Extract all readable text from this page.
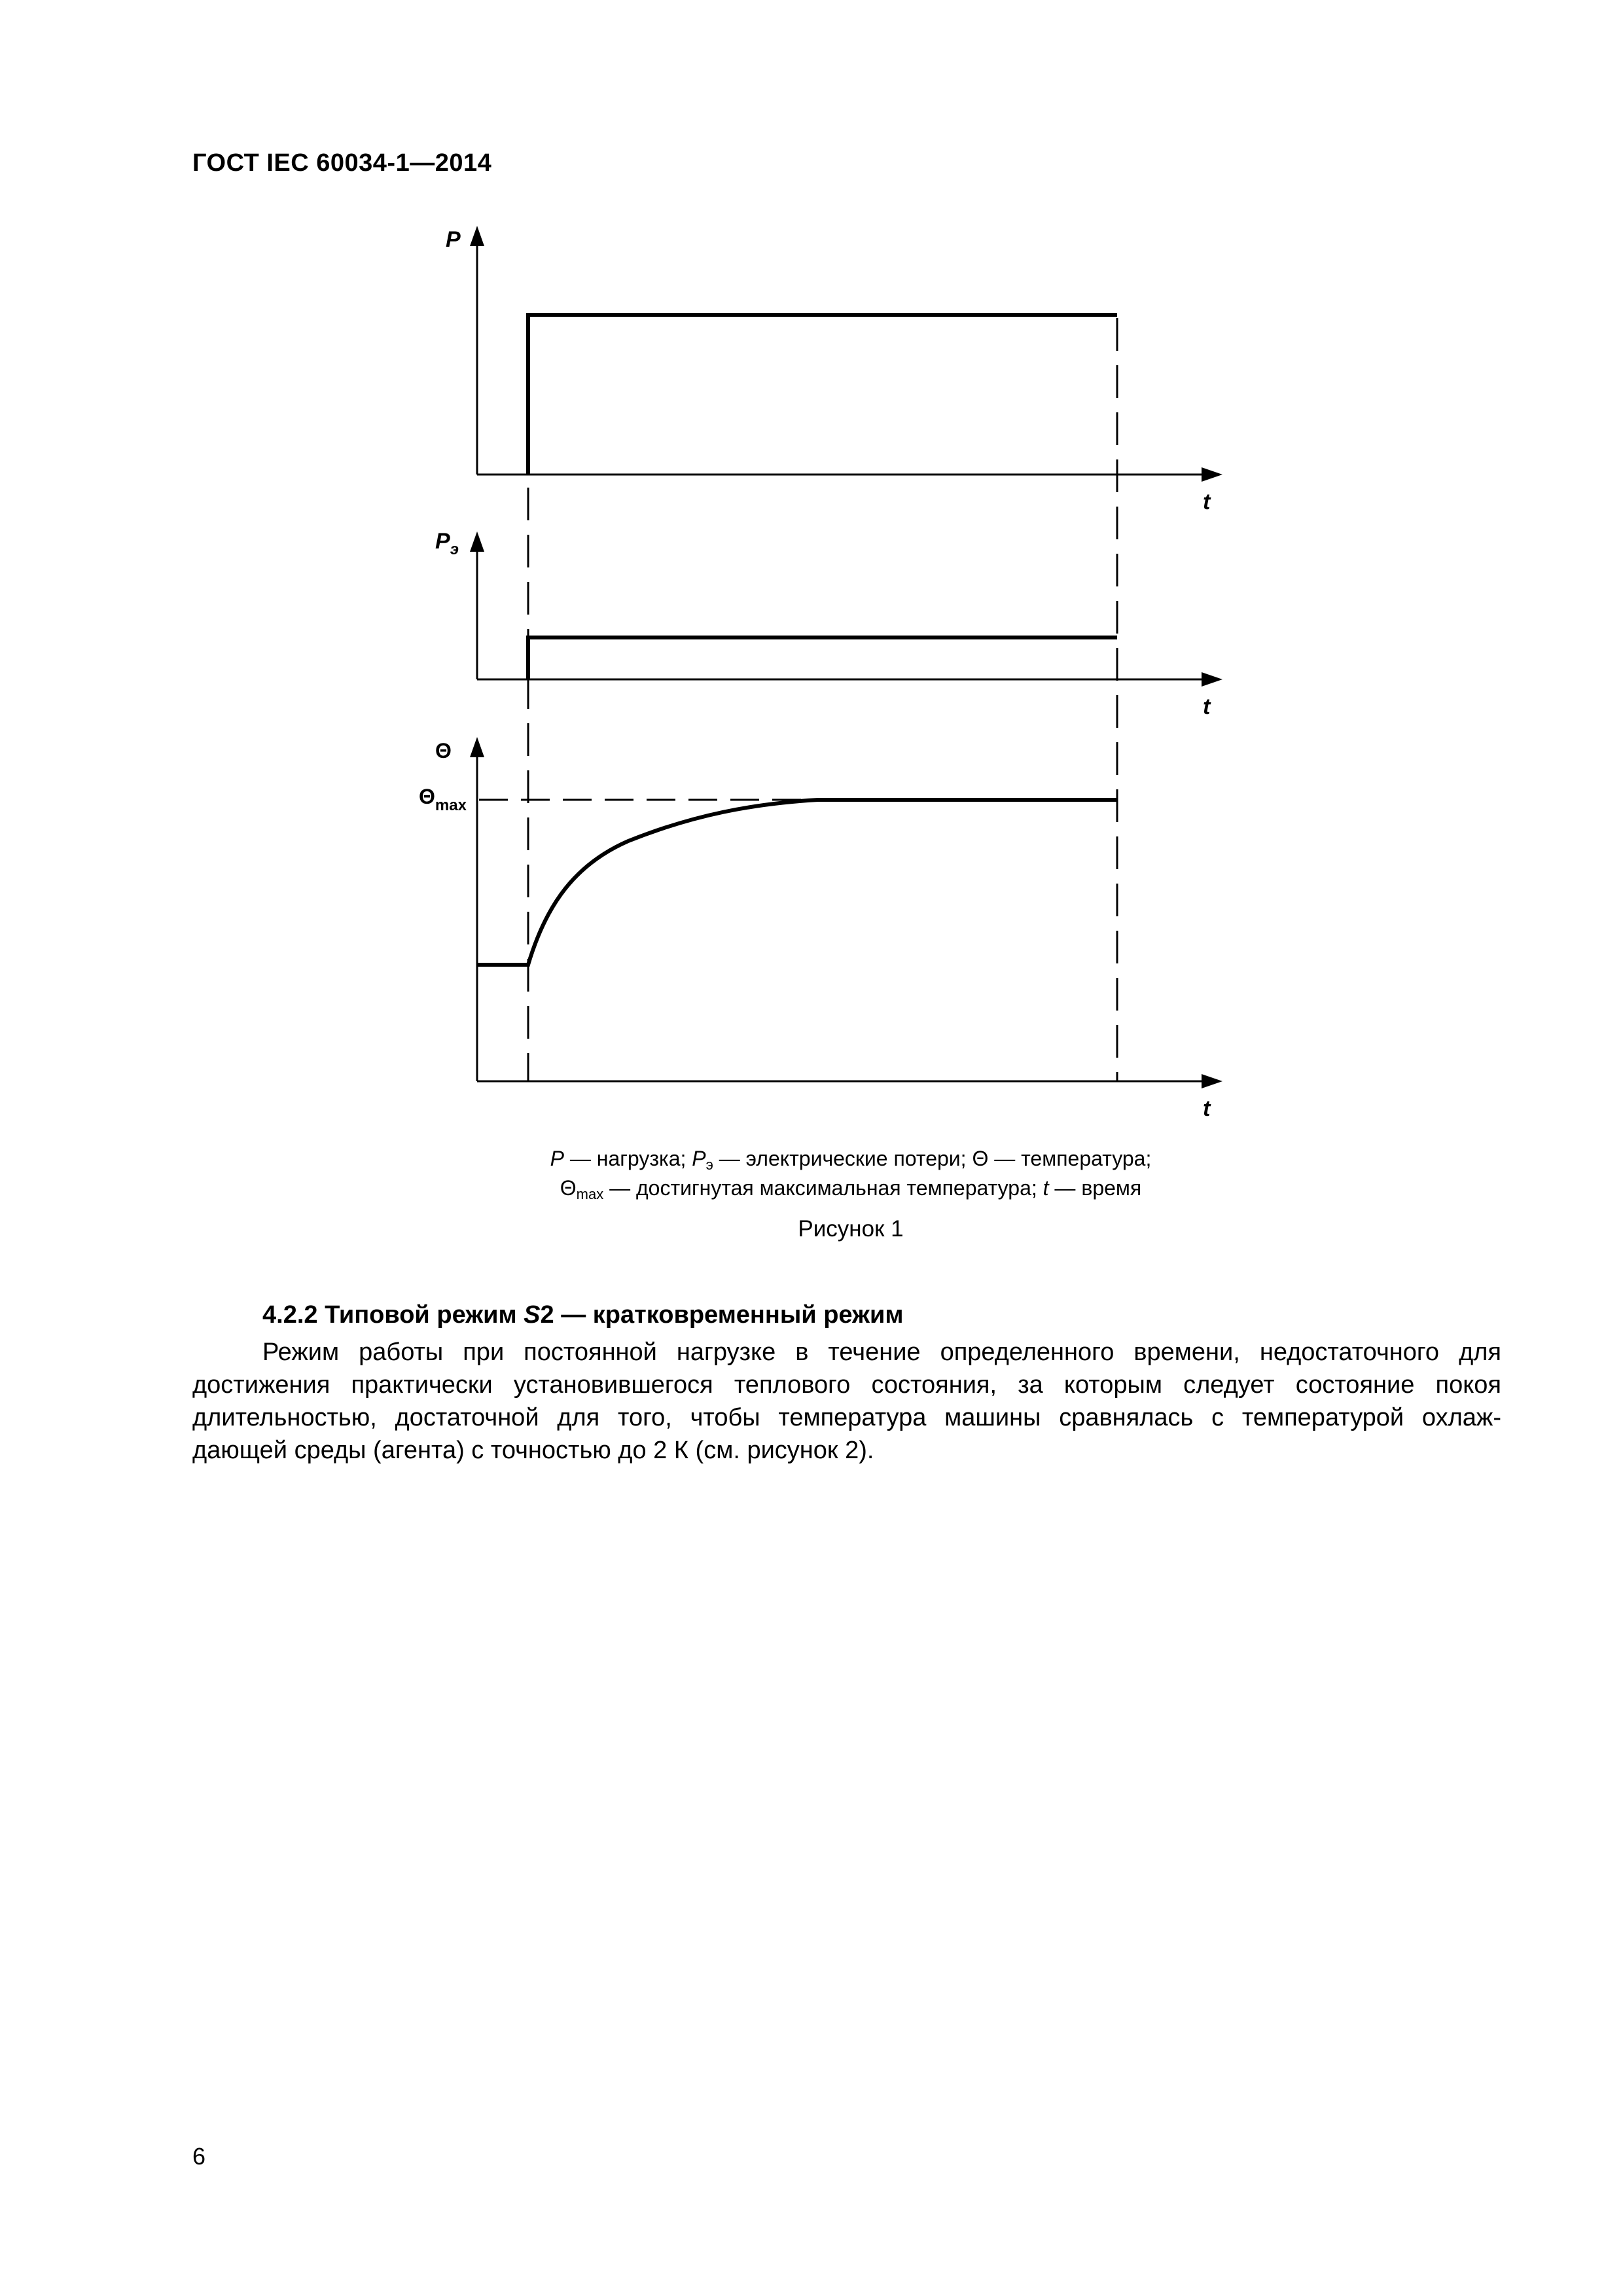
ГОСТ IEC 60034-1—2014
P
t
$P_э$
t
Θ
$\Theta_{max}$
t
P — нагрузка; $P_э$ — электрические потери; Θ — температура;
$\Theta_{max}$ — достигнутая максимальная температура; t — время
Рисунок 1
4.2.2 Типовой режим S2 — кратковременный режим
Режим работы при постоянной нагрузке в течение определенного времени, недостаточного для
достижения практически установившегося теплового состояния, за которым следует состояние покоя
длительностью, достаточной для того, чтобы температура машины сравнялась с температурой охлаж-
дающей среды (агента) с точностью до 2 К (см. рисунок 2).
6
